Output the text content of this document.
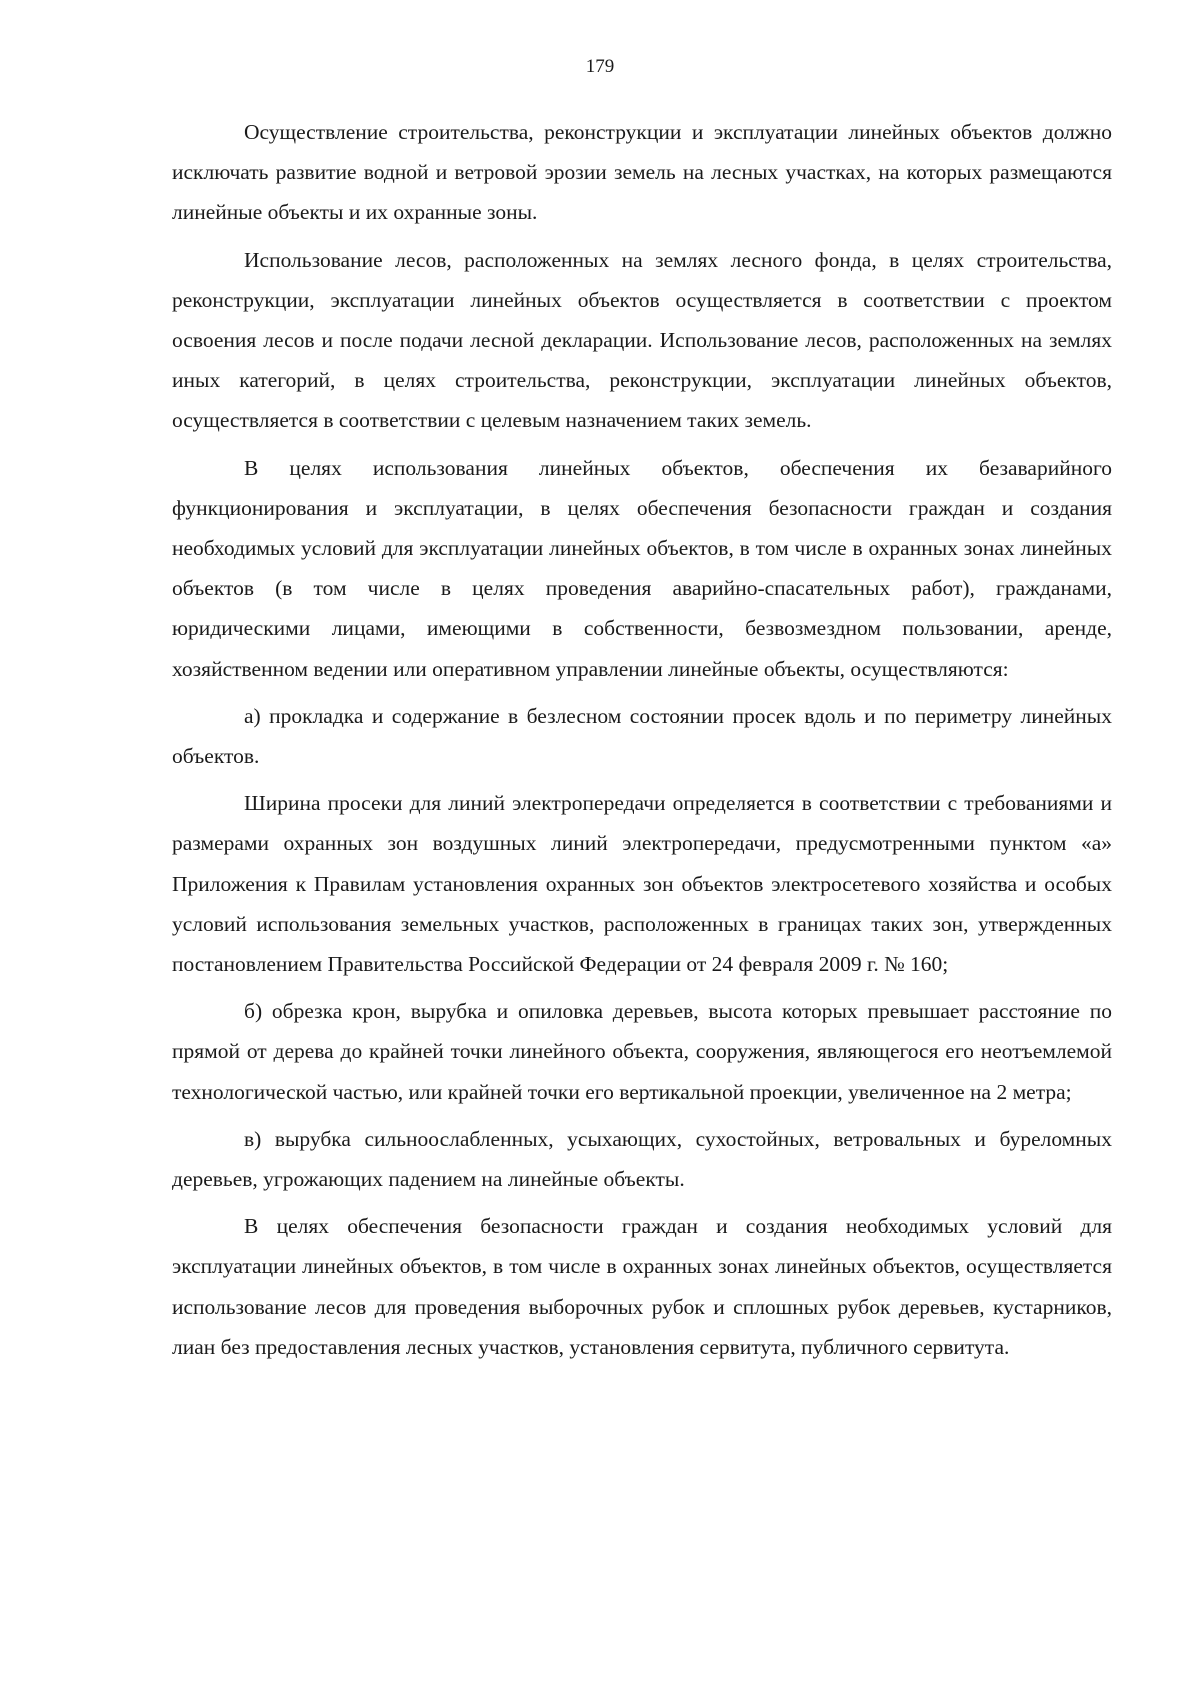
179

Осуществление строительства, реконструкции и эксплуатации линейных объектов должно исключать развитие водной и ветровой эрозии земель на лесных участках, на которых размещаются линейные объекты и их охранные зоны.

Использование лесов, расположенных на землях лесного фонда, в целях строительства, реконструкции, эксплуатации линейных объектов осуществляется в соответствии с проектом освоения лесов и после подачи лесной декларации. Использование лесов, расположенных на землях иных категорий, в целях строительства, реконструкции, эксплуатации линейных объектов, осуществляется в соответствии с целевым назначением таких земель.

В целях использования линейных объектов, обеспечения их безаварийного функционирования и эксплуатации, в целях обеспечения безопасности граждан и создания необходимых условий для эксплуатации линейных объектов, в том числе в охранных зонах линейных объектов (в том числе в целях проведения аварийно-спасательных работ), гражданами, юридическими лицами, имеющими в собственности, безвозмездном пользовании, аренде, хозяйственном ведении или оперативном управлении линейные объекты, осуществляются:

а) прокладка и содержание в безлесном состоянии просек вдоль и по периметру линейных объектов.

Ширина просеки для линий электропередачи определяется в соответствии с требованиями и размерами охранных зон воздушных линий электропередачи, предусмотренными пунктом «а» Приложения к Правилам установления охранных зон объектов электросетевого хозяйства и особых условий использования земельных участков, расположенных в границах таких зон, утвержденных постановлением Правительства Российской Федерации от 24 февраля 2009 г. № 160;

б) обрезка крон, вырубка и опиловка деревьев, высота которых превышает расстояние по прямой от дерева до крайней точки линейного объекта, сооружения, являющегося его неотъемлемой технологической частью, или крайней точки его вертикальной проекции, увеличенное на 2 метра;

в) вырубка сильноослабленных, усыхающих, сухостойных, ветровальных и буреломных деревьев, угрожающих падением на линейные объекты.

В целях обеспечения безопасности граждан и создания необходимых условий для эксплуатации линейных объектов, в том числе в охранных зонах линейных объектов, осуществляется использование лесов для проведения выборочных рубок и сплошных рубок деревьев, кустарников, лиан без предоставления лесных участков, установления сервитута, публичного сервитута.
